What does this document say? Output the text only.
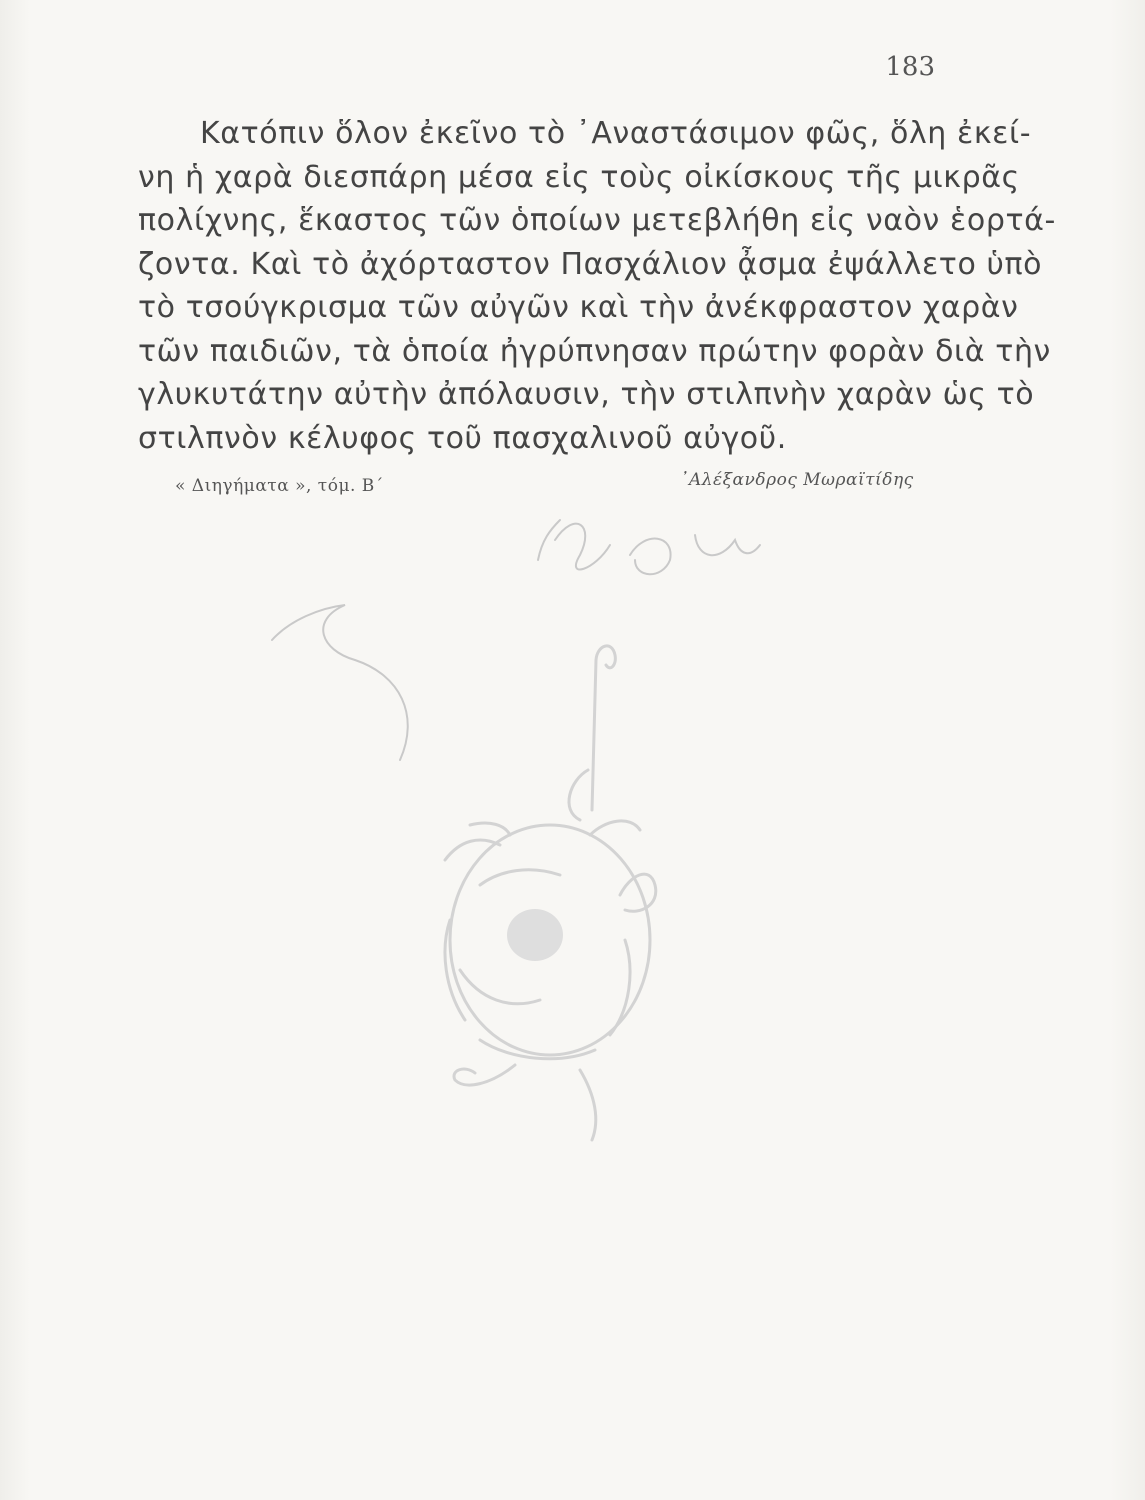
183
Κατόπιν ὅλον ἐκεῖνο τὸ ᾿Αναστάσιμον φῶς, ὅλη ἐκεί-
νη ἡ χαρὰ διεσπάρη μέσα εἰς τοὺς οἰκίσκους τῆς μικρᾶς
πολίχνης, ἕκαστος τῶν ὁποίων μετεβλήθη εἰς ναὸν ἑορτά-
ζοντα. Καὶ τὸ ἀχόρταστον Πασχάλιον ᾆσμα ἐψάλλετο ὑπὸ
τὸ τσούγκρισμα τῶν αὐγῶν καὶ τὴν ἀνέκφραστον χαρὰν
τῶν παιδιῶν, τὰ ὁποία ἠγρύπνησαν πρώτην φορὰν διὰ τὴν
γλυκυτάτην αὐτὴν ἀπόλαυσιν, τὴν στιλπνὴν χαρὰν ὡς τὸ
στιλπνὸν κέλυφος τοῦ πασχαλινοῦ αὐγοῦ.
« Διηγήματα », τόμ. Β΄	᾿Αλέξανδρος Μωραϊτίδης
